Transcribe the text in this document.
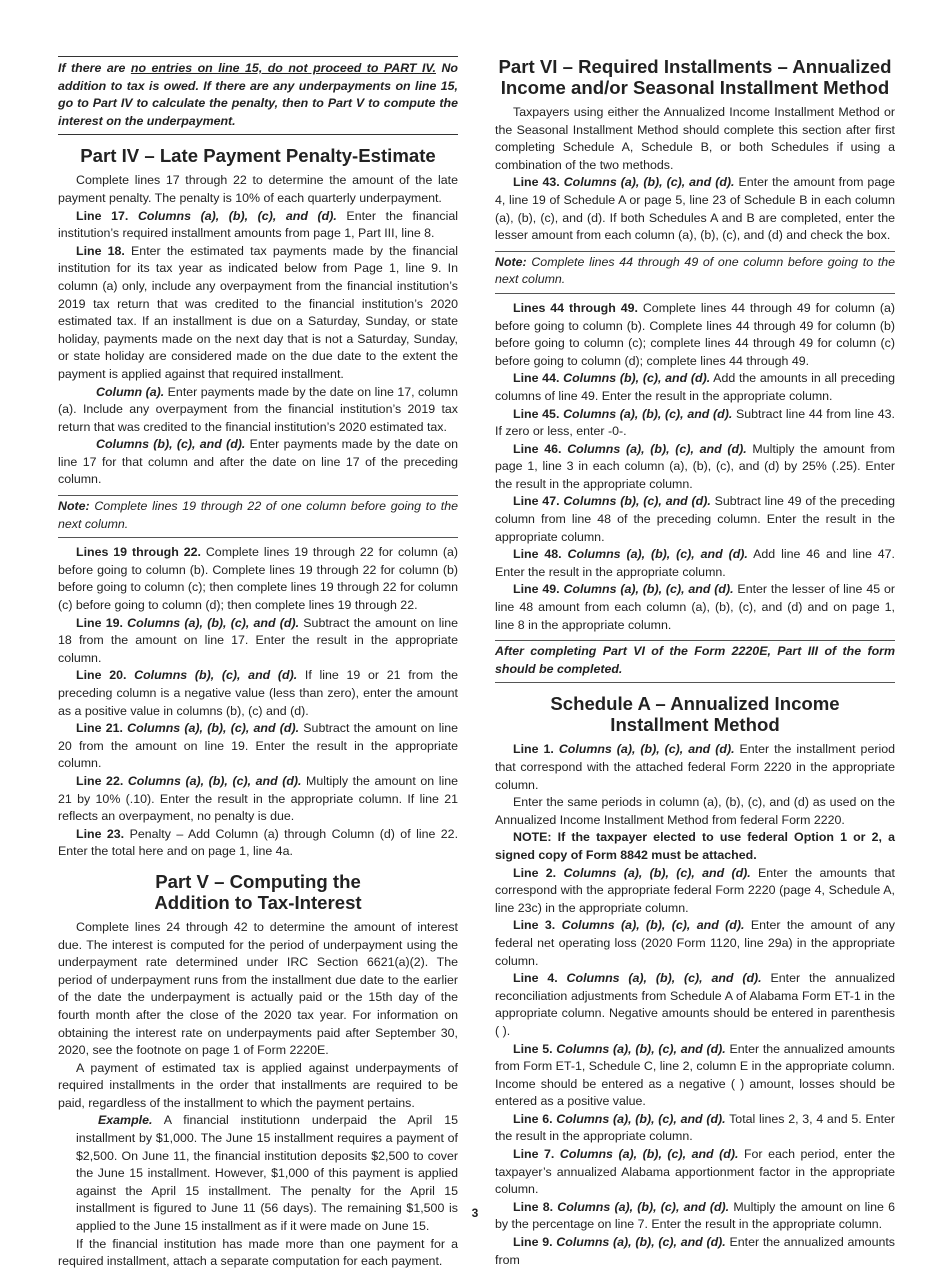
If there are no entries on line 15, do not proceed to PART IV. No addition to tax is owed. If there are any underpayments on line 15, go to Part IV to calculate the penalty, then to Part V to compute the interest on the underpayment.
Part IV – Late Payment Penalty-Estimate

Complete lines 17 through 22 to determine the amount of the late payment penalty. The penalty is 10% of each quarterly underpayment.

Line 17. Columns (a), (b), (c), and (d). Enter the financial institution’s required installment amounts from page 1, Part III, line 8.

Line 18. Enter the estimated tax payments made by the financial institution for its tax year as indicated below from Page 1, line 9. In column (a) only, include any overpayment from the financial institution’s 2019 tax return that was credited to the financial institution’s 2020 estimated tax. If an installment is due on a Saturday, Sunday, or state holiday, payments made on the next day that is not a Saturday, Sunday, or state holiday are considered made on the due date to the extent the payment is applied against that required installment.

Column (a). Enter payments made by the date on line 17, column (a). Include any overpayment from the financial institution’s 2019 tax return that was credited to the financial institution’s 2020 estimated tax.

Columns (b), (c), and (d). Enter payments made by the date on line 17 for that column and after the date on line 17 of the preceding column.

Note: Complete lines 19 through 22 of one column before going to the next column.

Lines 19 through 22. Complete lines 19 through 22 for column (a) before going to column (b). Complete lines 19 through 22 for column (b) before going to column (c); then complete lines 19 through 22 for column (c) before going to column (d); then complete lines 19 through 22.

Line 19. Columns (a), (b), (c), and (d). Subtract the amount on line 18 from the amount on line 17. Enter the result in the appropriate column.

Line 20. Columns (b), (c), and (d). If line 19 or 21 from the preceding column is a negative value (less than zero), enter the amount as a positive value in columns (b), (c) and (d).

Line 21. Columns (a), (b), (c), and (d). Subtract the amount on line 20 from the amount on line 19. Enter the result in the appropriate column.

Line 22. Columns (a), (b), (c), and (d). Multiply the amount on line 21 by 10% (.10). Enter the result in the appropriate column. If line 21 reflects an overpayment, no penalty is due.

Line 23. Penalty – Add Column (a) through Column (d) of line 22. Enter the total here and on page 1, line 4a.

Part V – Computing the
Addition to Tax-Interest

Complete lines 24 through 42 to determine the amount of interest due. The interest is computed for the period of underpayment using the underpayment rate determined under IRC Section 6621(a)(2). The period of underpayment runs from the installment due date to the earlier of the date the underpayment is actually paid or the 15th day of the fourth month after the close of the 2020 tax year. For information on obtaining the interest rate on underpayments paid after September 30, 2020, see the footnote on page 1 of Form 2220E.

A payment of estimated tax is applied against underpayments of required installments in the order that installments are required to be paid, regardless of the installment to which the payment pertains.

Example. A financial institutionn underpaid the April 15 installment by $1,000. The June 15 installment requires a payment of $2,500. On June 11, the financial institution deposits $2,500 to cover the June 15 installment. However, $1,000 of this payment is applied against the April 15 installment. The penalty for the April 15 installment is figured to June 11 (56 days). The remaining $1,500 is applied to the June 15 installment as if it were made on June 15.

If the financial institution has made more than one payment for a required installment, attach a separate computation for each payment.

Part VI – Required Installments – Annualized
Income and/or Seasonal Installment Method

Taxpayers using either the Annualized Income Installment Method or the Seasonal Installment Method should complete this section after first completing Schedule A, Schedule B, or both Schedules if using a combination of the two methods.

Line 43. Columns (a), (b), (c), and (d). Enter the amount from page 4, line 19 of Schedule A or page 5, line 23 of Schedule B in each column (a), (b), (c), and (d). If both Schedules A and B are completed, enter the lesser amount from each column (a), (b), (c), and (d) and check the box.

Note: Complete lines 44 through 49 of one column before going to the next column.

Lines 44 through 49. Complete lines 44 through 49 for column (a) before going to column (b). Complete lines 44 through 49 for column (b) before going to column (c); complete lines 44 through 49 for column (c) before going to column (d); complete lines 44 through 49.

Line 44. Columns (b), (c), and (d). Add the amounts in all preceding columns of line 49. Enter the result in the appropriate column.

Line 45. Columns (a), (b), (c), and (d). Subtract line 44 from line 43. If zero or less, enter -0-.

Line 46. Columns (a), (b), (c), and (d). Multiply the amount from page 1, line 3 in each column (a), (b), (c), and (d) by 25% (.25). Enter the result in the appropriate column.

Line 47. Columns (b), (c), and (d). Subtract line 49 of the preceding column from line 48 of the preceding column. Enter the result in the appropriate column.

Line 48. Columns (a), (b), (c), and (d). Add line 46 and line 47. Enter the result in the appropriate column.

Line 49. Columns (a), (b), (c), and (d). Enter the lesser of line 45 or line 48 amount from each column (a), (b), (c), and (d) and on page 1, line 8 in the appropriate column.

After completing Part VI of the Form 2220E, Part III of the form should be completed.
Schedule A – Annualized Income
Installment Method

Line 1. Columns (a), (b), (c), and (d). Enter the installment period that correspond with the attached federal Form 2220 in the appropriate column.

Enter the same periods in column (a), (b), (c), and (d) as used on the Annualized Income Installment Method from federal Form 2220.

NOTE: If the taxpayer elected to use federal Option 1 or 2, a signed copy of Form 8842 must be attached.

Line 2. Columns (a), (b), (c), and (d). Enter the amounts that correspond with the appropriate federal Form 2220 (page 4, Schedule A, line 23c) in the appropriate column.

Line 3. Columns (a), (b), (c), and (d). Enter the amount of any federal net operating loss (2020 Form 1120, line 29a) in the appropriate column.

Line 4. Columns (a), (b), (c), and (d). Enter the annualized reconciliation adjustments from Schedule A of Alabama Form ET-1 in the appropriate column. Negative amounts should be entered in parenthesis ( ).

Line 5. Columns (a), (b), (c), and (d). Enter the annualized amounts from Form ET-1, Schedule C, line 2, column E in the appropriate column. Income should be entered as a negative ( ) amount, losses should be entered as a positive value.

Line 6. Columns (a), (b), (c), and (d). Total lines 2, 3, 4 and 5. Enter the result in the appropriate column.

Line 7. Columns (a), (b), (c), and (d). For each period, enter the taxpayer’s annualized Alabama apportionment factor in the appropriate column.

Line 8. Columns (a), (b), (c), and (d). Multiply the amount on line 6 by the percentage on line 7. Enter the result in the appropriate column.

Line 9. Columns (a), (b), (c), and (d). Enter the annualized amounts from

3
